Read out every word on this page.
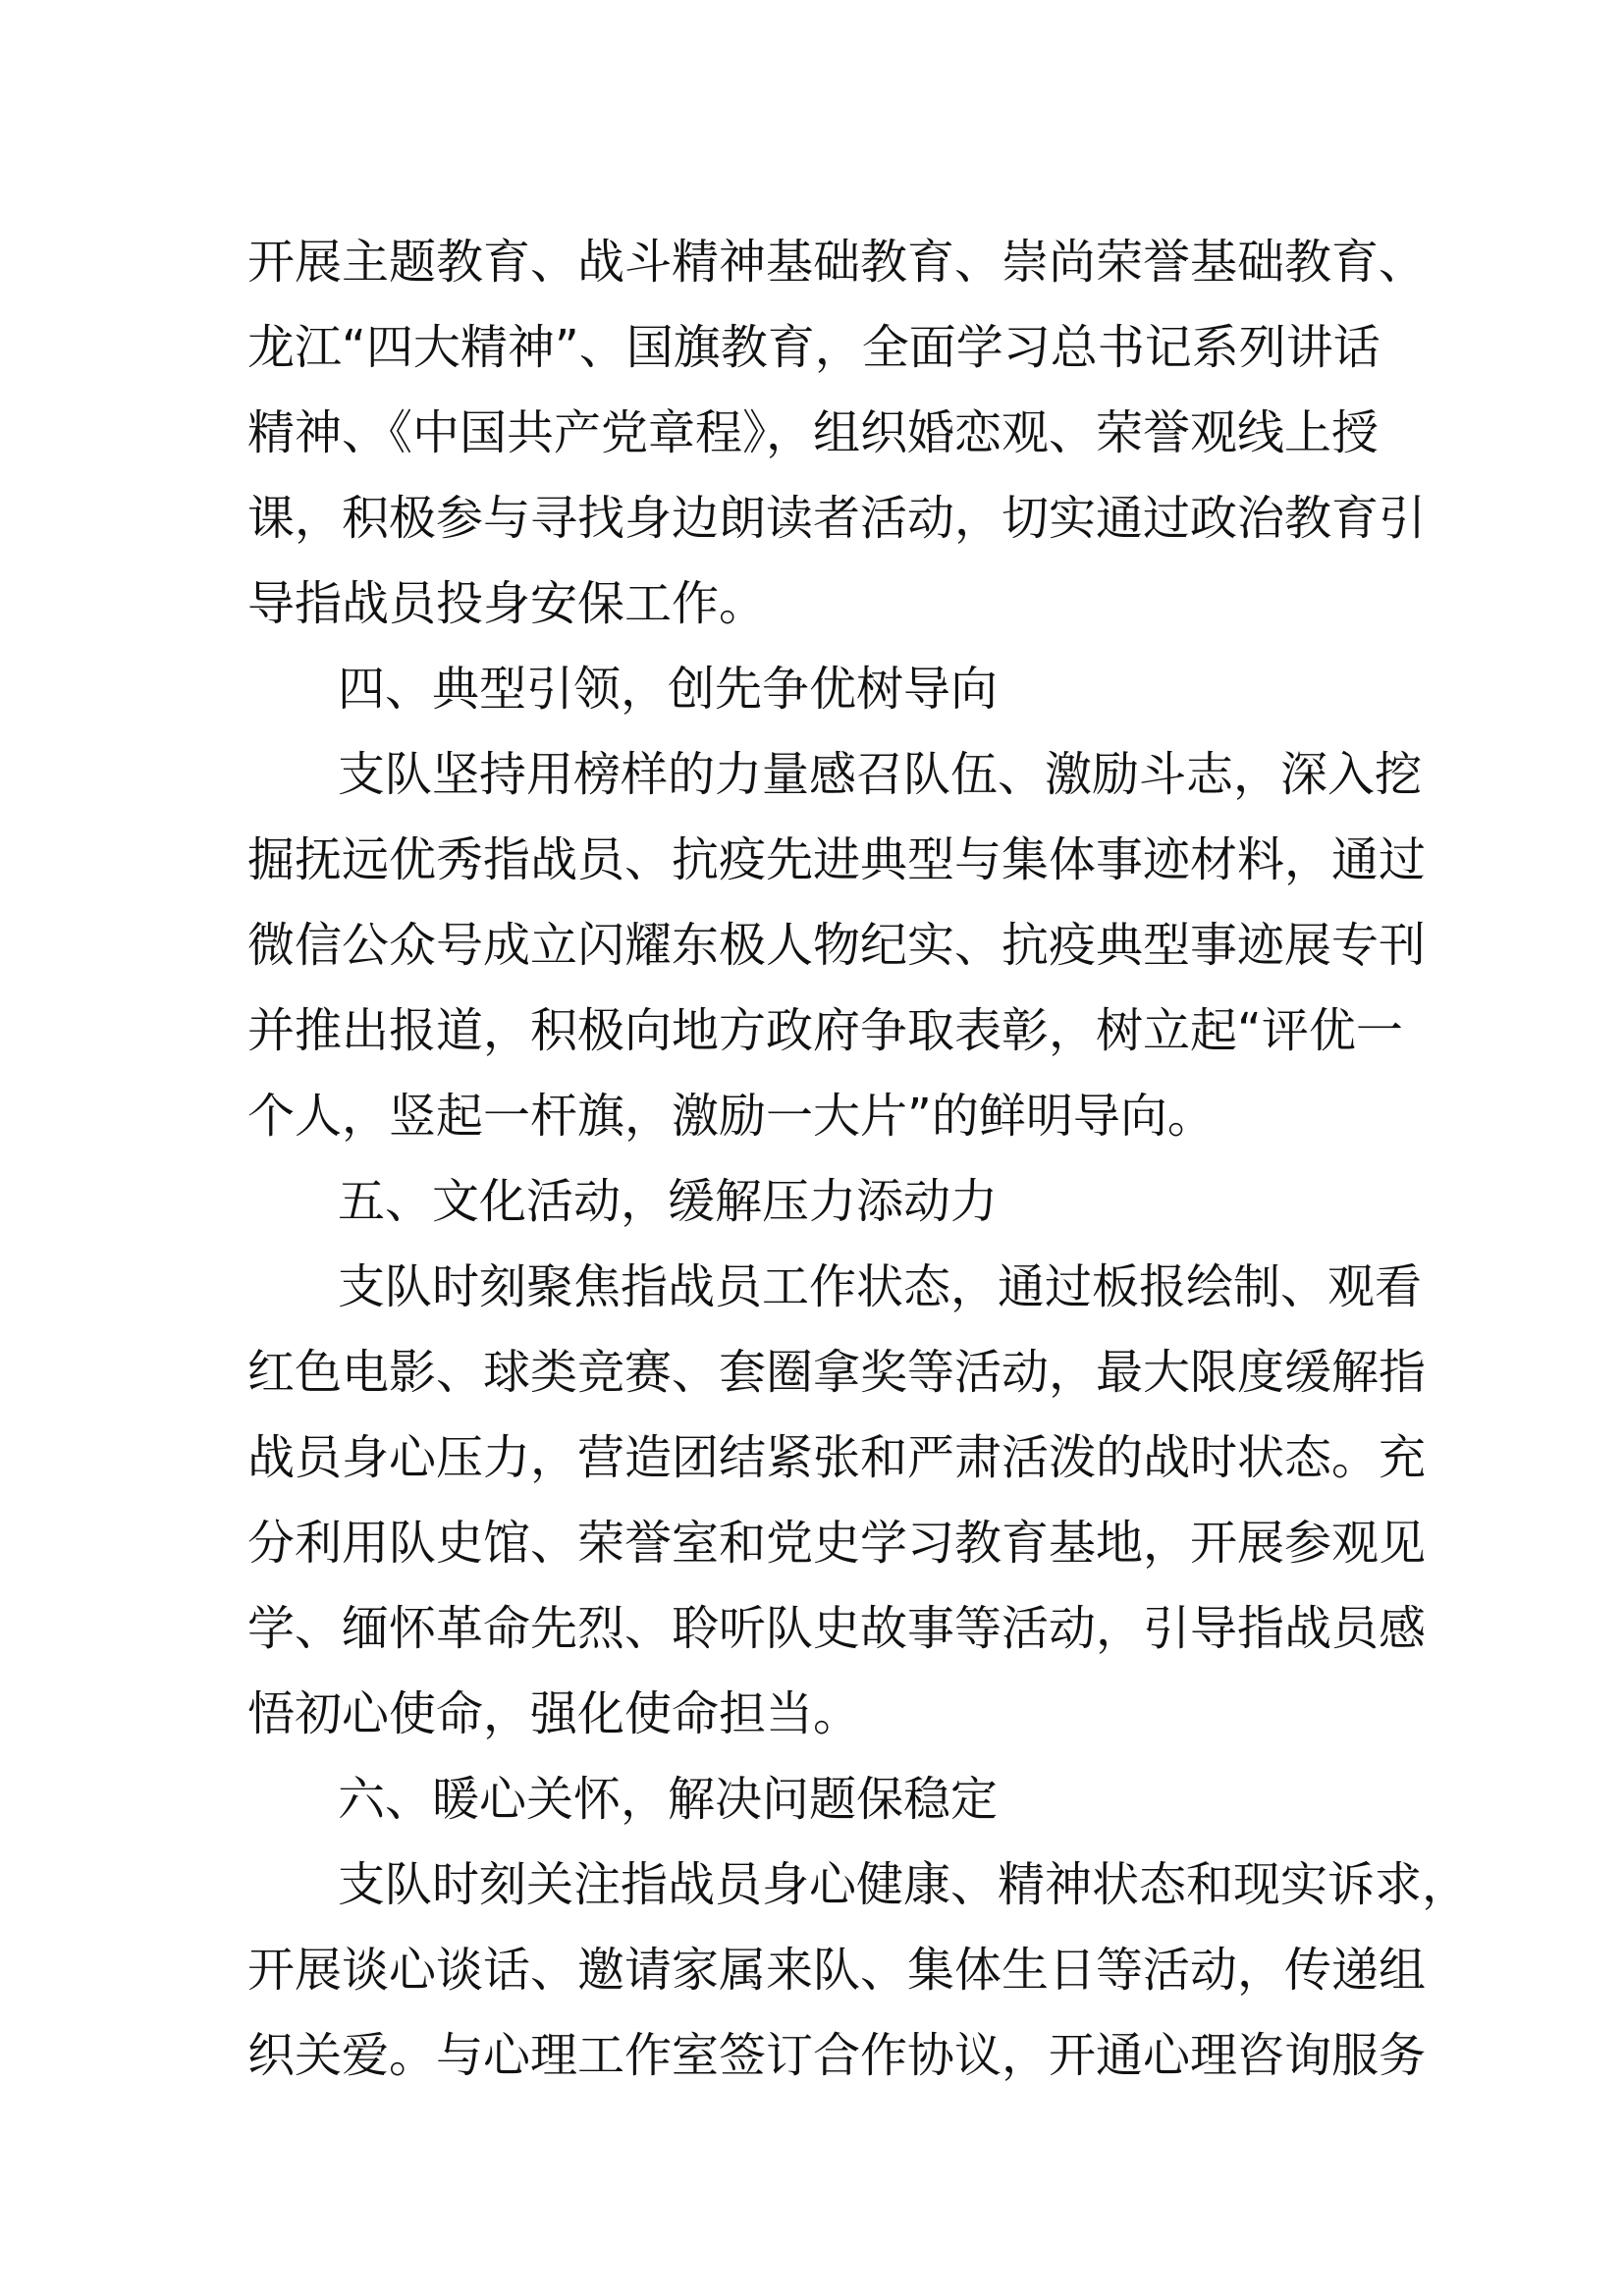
开展主题教育、战斗精神基础教育、崇尚荣誉基础教育、
龙江“四大精神”、国旗教育，全面学习总书记系列讲话
精神、《中国共产党章程》，组织婚恋观、荣誉观线上授
课，积极参与寻找身边朗读者活动，切实通过政治教育引
导指战员投身安保工作。
四、典型引领，创先争优树导向
支队坚持用榜样的力量感召队伍、激励斗志，深入挖
掘抚远优秀指战员、抗疫先进典型与集体事迹材料，通过
微信公众号成立闪耀东极人物纪实、抗疫典型事迹展专刊
并推出报道，积极向地方政府争取表彰，树立起“评优一
个人，竖起一杆旗，激励一大片”的鲜明导向。
五、文化活动，缓解压力添动力
支队时刻聚焦指战员工作状态，通过板报绘制、观看
红色电影、球类竞赛、套圈拿奖等活动，最大限度缓解指
战员身心压力，营造团结紧张和严肃活泼的战时状态。充
分利用队史馆、荣誉室和党史学习教育基地，开展参观见
学、缅怀革命先烈、聆听队史故事等活动，引导指战员感
悟初心使命，强化使命担当。
六、暖心关怀，解决问题保稳定
支队时刻关注指战员身心健康、精神状态和现实诉求，
开展谈心谈话、邀请家属来队、集体生日等活动，传递组
织关爱。与心理工作室签订合作协议，开通心理咨询服务
